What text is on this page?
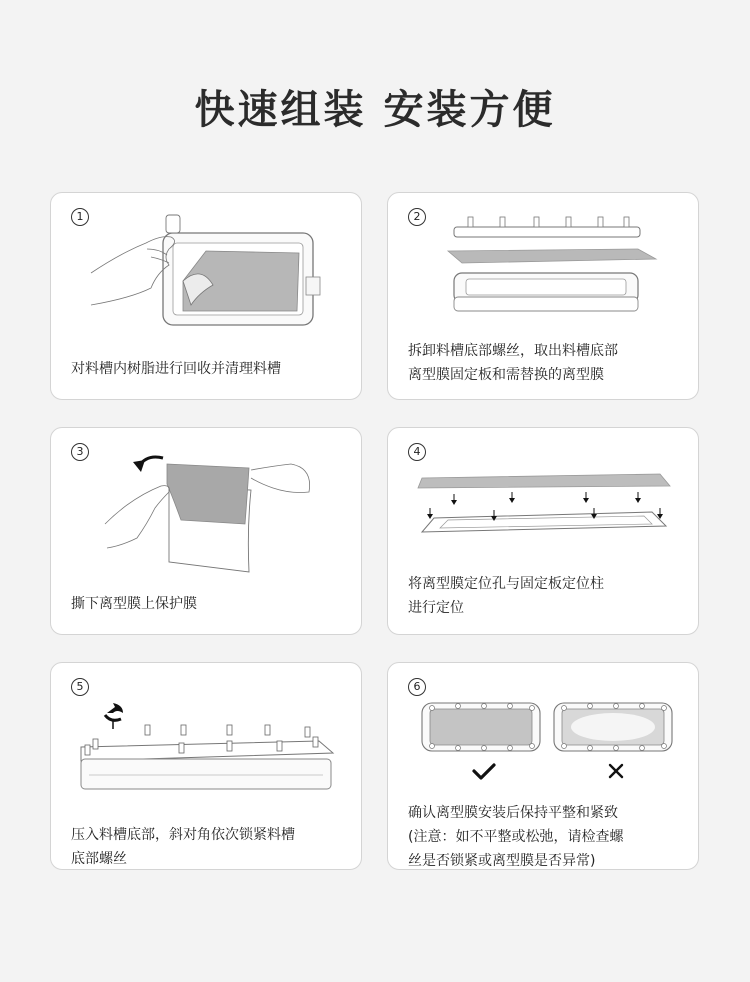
快速组装 安装方便
1
对料槽内树脂进行回收并清理料槽
2
拆卸料槽底部螺丝，取出料槽底部
离型膜固定板和需替换的离型膜
3
撕下离型膜上保护膜
4
将离型膜定位孔与固定板定位柱
进行定位
5
压入料槽底部，斜对角依次锁紧料槽
底部螺丝
6
确认离型膜安装后保持平整和紧致
(注意：如不平整或松弛，请检查螺
丝是否锁紧或离型膜是否异常)
